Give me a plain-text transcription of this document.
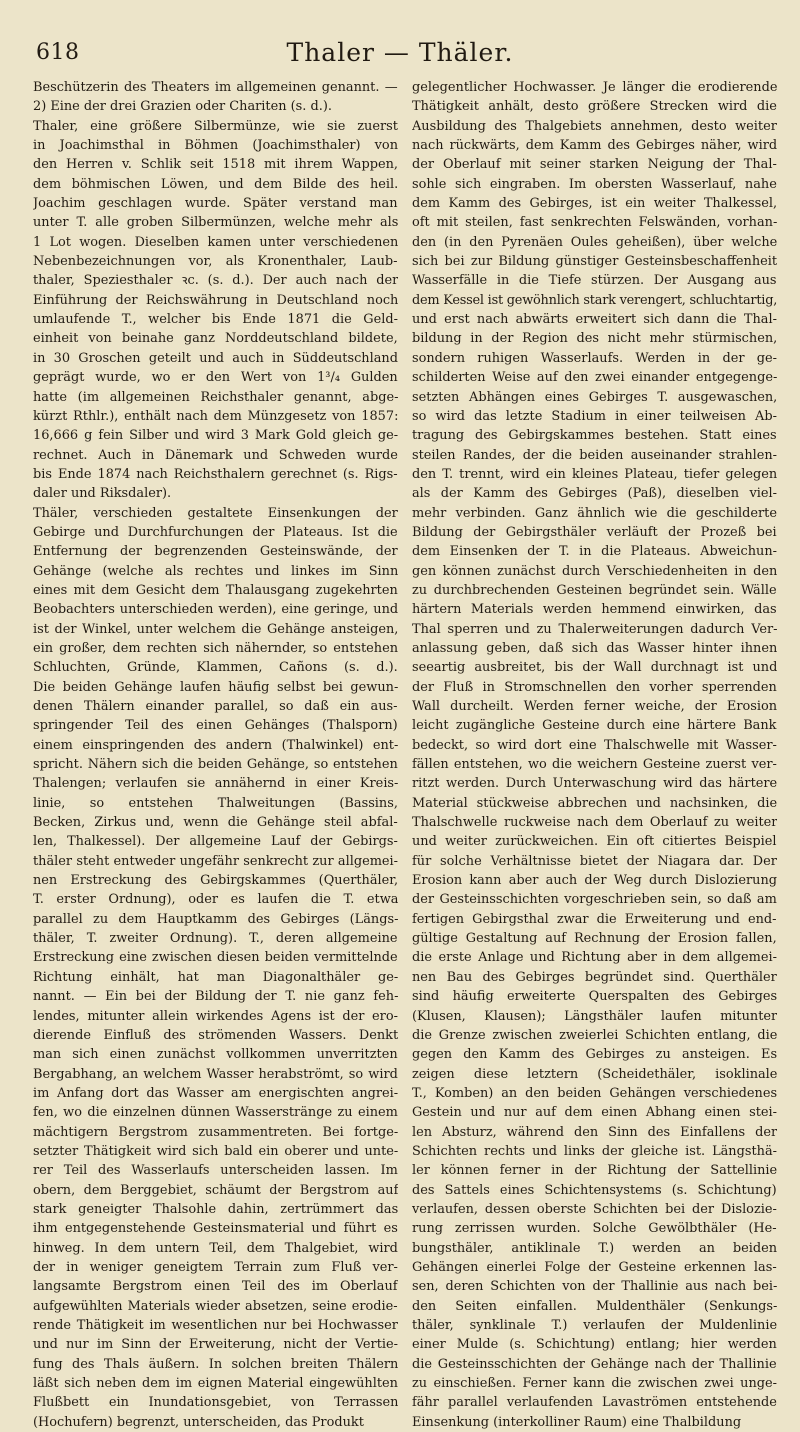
618	Thaler — Thäler.
Beschützerin des Theaters im allgemeinen genannt. —
2) Eine der drei Grazien oder Chariten (s. d.).
Thaler, eine größere Silbermünze, wie sie zuerst
in Joachimsthal in Böhmen (Joachimsthaler) von
den Herren v. Schlik seit 1518 mit ihrem Wappen,
dem böhmischen Löwen, und dem Bilde des heil.
Joachim geschlagen wurde. Später verstand man
unter T. alle groben Silbermünzen, welche mehr als
1 Lot wogen. Dieselben kamen unter verschiedenen
Nebenbezeichnungen vor, als Kronenthaler, Laub-
thaler, Speziesthaler ꝛc. (s. d.). Der auch nach der
Einführung der Reichswährung in Deutschland noch
umlaufende T., welcher bis Ende 1871 die Geld-
einheit von beinahe ganz Norddeutschland bildete,
in 30 Groschen geteilt und auch in Süddeutschland
geprägt wurde, wo er den Wert von 1³/₄ Gulden
hatte (im allgemeinen Reichsthaler genannt, abge-
kürzt Rthlr.), enthält nach dem Münzgesetz von 1857:
16,666 g fein Silber und wird 3 Mark Gold gleich ge-
rechnet. Auch in Dänemark und Schweden wurde
bis Ende 1874 nach Reichsthalern gerechnet (s. Rigs-
daler und Riksdaler).
Thäler, verschieden gestaltete Einsenkungen der
Gebirge und Durchfurchungen der Plateaus. Ist die
Entfernung der begrenzenden Gesteinswände, der
Gehänge (welche als rechtes und linkes im Sinn
eines mit dem Gesicht dem Thalausgang zugekehrten
Beobachters unterschieden werden), eine geringe, und
ist der Winkel, unter welchem die Gehänge ansteigen,
ein großer, dem rechten sich nähernder, so entstehen
Schluchten, Gründe, Klammen, Cañons (s. d.).
Die beiden Gehänge laufen häufig selbst bei gewun-
denen Thälern einander parallel, so daß ein aus-
springender Teil des einen Gehänges (Thalsporn)
einem einspringenden des andern (Thalwinkel) ent-
spricht. Nähern sich die beiden Gehänge, so entstehen
Thalengen; verlaufen sie annähernd in einer Kreis-
linie, so entstehen Thalweitungen (Bassins,
Becken, Zirkus und, wenn die Gehänge steil abfal-
len, Thalkessel). Der allgemeine Lauf der Gebirgs-
thäler steht entweder ungefähr senkrecht zur allgemei-
nen Erstreckung des Gebirgskammes (Querthäler,
T. erster Ordnung), oder es laufen die T. etwa
parallel zu dem Hauptkamm des Gebirges (Längs-
thäler, T. zweiter Ordnung). T., deren allgemeine
Erstreckung eine zwischen diesen beiden vermittelnde
Richtung einhält, hat man Diagonalthäler ge-
nannt. — Ein bei der Bildung der T. nie ganz feh-
lendes, mitunter allein wirkendes Agens ist der ero-
dierende Einfluß des strömenden Wassers. Denkt
man sich einen zunächst vollkommen unverritzten
Bergabhang, an welchem Wasser herabströmt, so wird
im Anfang dort das Wasser am energischten angrei-
fen, wo die einzelnen dünnen Wasserstränge zu einem
mächtigern Bergstrom zusammentreten. Bei fortge-
setzter Thätigkeit wird sich bald ein oberer und unte-
rer Teil des Wasserlaufs unterscheiden lassen. Im
obern, dem Berggebiet, schäumt der Bergstrom auf
stark geneigter Thalsohle dahin, zertrümmert das
ihm entgegenstehende Gesteinsmaterial und führt es
hinweg. In dem untern Teil, dem Thalgebiet, wird
der in weniger geneigtem Terrain zum Fluß ver-
langsamte Bergstrom einen Teil des im Oberlauf
aufgewühlten Materials wieder absetzen, seine erodie-
rende Thätigkeit im wesentlichen nur bei Hochwasser
und nur im Sinn der Erweiterung, nicht der Vertie-
fung des Thals äußern. In solchen breiten Thälern
läßt sich neben dem im eignen Material eingewühlten
Flußbett ein Inundationsgebiet, von Terrassen
(Hochufern) begrenzt, unterscheiden, das Produkt
gelegentlicher Hochwasser. Je länger die erodierende
Thätigkeit anhält, desto größere Strecken wird die
Ausbildung des Thalgebiets annehmen, desto weiter
nach rückwärts, dem Kamm des Gebirges näher, wird
der Oberlauf mit seiner starken Neigung der Thal-
sohle sich eingraben. Im obersten Wasserlauf, nahe
dem Kamm des Gebirges, ist ein weiter Thalkessel,
oft mit steilen, fast senkrechten Felswänden, vorhan-
den (in den Pyrenäen Oules geheißen), über welche
sich bei zur Bildung günstiger Gesteinsbeschaffenheit
Wasserfälle in die Tiefe stürzen. Der Ausgang aus
dem Kessel ist gewöhnlich stark verengert, schluchtartig,
und erst nach abwärts erweitert sich dann die Thal-
bildung in der Region des nicht mehr stürmischen,
sondern ruhigen Wasserlaufs. Werden in der ge-
schilderten Weise auf den zwei einander entgegenge-
setzten Abhängen eines Gebirges T. ausgewaschen,
so wird das letzte Stadium in einer teilweisen Ab-
tragung des Gebirgskammes bestehen. Statt eines
steilen Randes, der die beiden auseinander strahlen-
den T. trennt, wird ein kleines Plateau, tiefer gelegen
als der Kamm des Gebirges (Paß), dieselben viel-
mehr verbinden. Ganz ähnlich wie die geschilderte
Bildung der Gebirgsthäler verläuft der Prozeß bei
dem Einsenken der T. in die Plateaus. Abweichun-
gen können zunächst durch Verschiedenheiten in den
zu durchbrechenden Gesteinen begründet sein. Wälle
härtern Materials werden hemmend einwirken, das
Thal sperren und zu Thalerweiterungen dadurch Ver-
anlassung geben, daß sich das Wasser hinter ihnen
seeartig ausbreitet, bis der Wall durchnagt ist und
der Fluß in Stromschnellen den vorher sperrenden
Wall durcheilt. Werden ferner weiche, der Erosion
leicht zugängliche Gesteine durch eine härtere Bank
bedeckt, so wird dort eine Thalschwelle mit Wasser-
fällen entstehen, wo die weichern Gesteine zuerst ver-
ritzt werden. Durch Unterwaschung wird das härtere
Material stückweise abbrechen und nachsinken, die
Thalschwelle ruckweise nach dem Oberlauf zu weiter
und weiter zurückweichen. Ein oft citiertes Beispiel
für solche Verhältnisse bietet der Niagara dar. Der
Erosion kann aber auch der Weg durch Dislozierung
der Gesteinsschichten vorgeschrieben sein, so daß am
fertigen Gebirgsthal zwar die Erweiterung und end-
gültige Gestaltung auf Rechnung der Erosion fallen,
die erste Anlage und Richtung aber in dem allgemei-
nen Bau des Gebirges begründet sind. Querthäler
sind häufig erweiterte Querspalten des Gebirges
(Klusen, Klausen); Längsthäler laufen mitunter
die Grenze zwischen zweierlei Schichten entlang, die
gegen den Kamm des Gebirges zu ansteigen. Es
zeigen diese letztern (Scheidethäler, isoklinale
T., Komben) an den beiden Gehängen verschiedenes
Gestein und nur auf dem einen Abhang einen stei-
len Absturz, während den Sinn des Einfallens der
Schichten rechts und links der gleiche ist. Längsthä-
ler können ferner in der Richtung der Sattellinie
des Sattels eines Schichtensystems (s. Schichtung)
verlaufen, dessen oberste Schichten bei der Dislozie-
rung zerrissen wurden. Solche Gewölbthäler (He-
bungsthäler, antiklinale T.) werden an beiden
Gehängen einerlei Folge der Gesteine erkennen las-
sen, deren Schichten von der Thallinie aus nach bei-
den Seiten einfallen. Muldenthäler (Senkungs-
thäler, synklinale T.) verlaufen der Muldenlinie
einer Mulde (s. Schichtung) entlang; hier werden
die Gesteinsschichten der Gehänge nach der Thallinie
zu einschießen. Ferner kann die zwischen zwei unge-
fähr parallel verlaufenden Lavaströmen entstehende
Einsenkung (interkolliner Raum) eine Thalbildung
